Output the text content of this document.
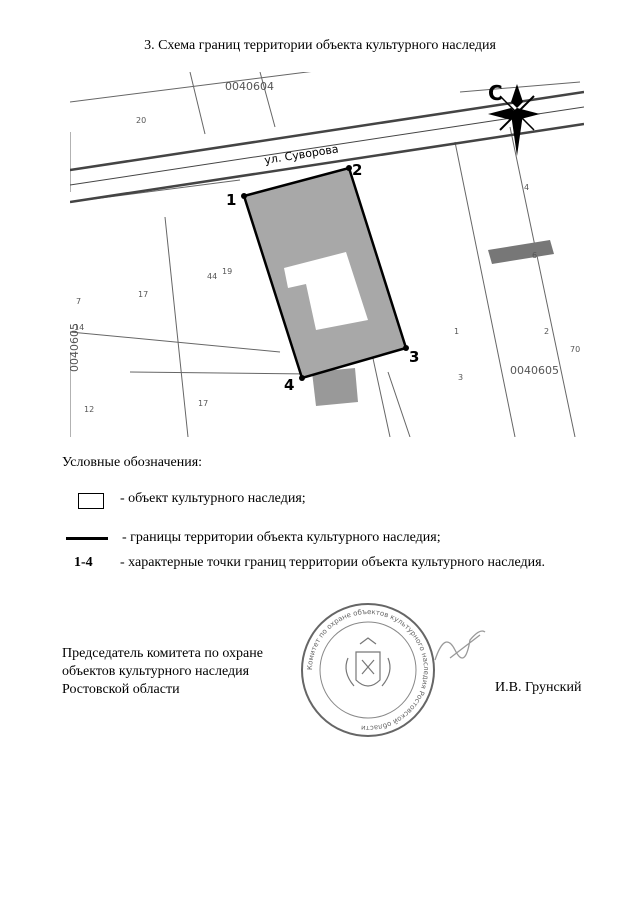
3. Схема границ территории объекта культурного наследия
1
2
3
4
ул. Суворова
0040604
0040605
0040605
20
7
17
19
44
12
17
3
14	1
70
4
6
2
С
Условные обозначения:
- объект культурного наследия;
- границы территории объекта культурного наследия;
1-4 - характерные точки границ территории объекта культурного наследия.
Председатель комитета по охране
объектов культурного наследия
Ростовской области	И.В. Грунский
Комитет по охране объектов культурного наследия Ростовской области
